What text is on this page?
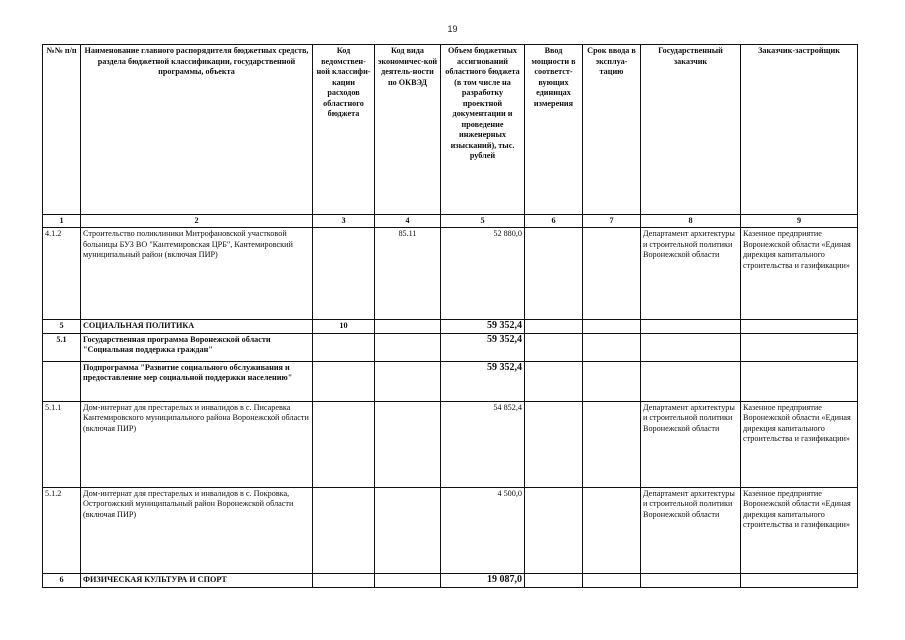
19
№№ п/п	Наименование главного распорядителя бюджетных средств, раздела бюджетной классификации, государственной программы, объекта	Код ведомствен-ной классифи-кации расходов областного бюджета	Код вида экономичес-кой деятель-ности по ОКВЭД	Объем бюджетных ассигнований областного бюджета (в том числе на разработку проектной документации и проведение инженерных изысканий), тыс. рублей	Ввод мощности в соответст-вующих единицах измерения	Срок ввода в эксплуа-тацию	Государственный заказчик	Заказчик-застройщик
1	2	3	4	5	6	7	8	9
4.1.2	Строительство поликлиники Митрофановской участковой больницы БУЗ ВО "Кантемировская ЦРБ", Кантемировский муниципальный район (включая ПИР)		85.11	52 880,0			Департамент архитектуры и строительной политики Воронежской области	Казенное предприятие Воронежской области «Единая дирекция капитального строительства и газификации»
5	СОЦИАЛЬНАЯ ПОЛИТИКА	10		59 352,4				
5.1	Государственная программа Воронежской области "Социальная поддержка граждан"			59 352,4				
	Подпрограмма "Развитие социального обслуживания и предоставление мер социальной поддержки населению"			59 352,4				
5.1.1	Дом-интернат для престарелых и инвалидов в с. Писаревка Кантемировского муниципального района Воронежской области (включая ПИР)			54 852,4			Департамент архитектуры и строительной политики Воронежской области	Казенное предприятие Воронежской области «Единая дирекция капитального строительства и газификации»
5.1.2	Дом-интернат для престарелых и инвалидов в с. Покровка, Острогожский муниципальный район Воронежской области (включая ПИР)			4 500,0			Департамент архитектуры и строительной политики Воронежской области	Казенное предприятие Воронежской области «Единая дирекция капитального строительства и газификации»
6	ФИЗИЧЕСКАЯ КУЛЬТУРА И СПОРТ			19 087,0				
